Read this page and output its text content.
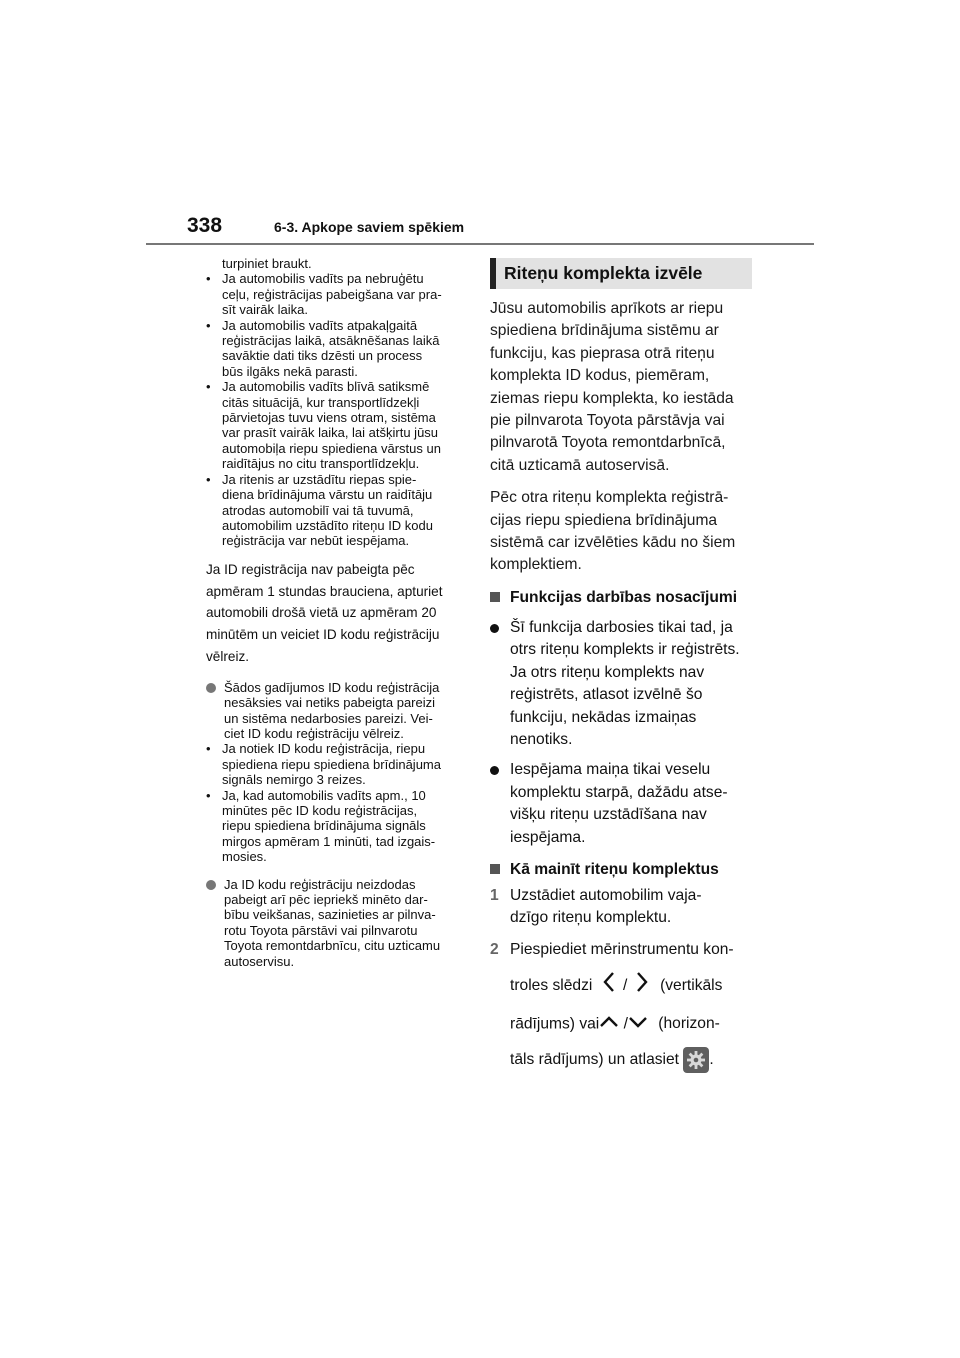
338	6-3. Apkope saviem spēkiem

turpiniet braukt.

• Ja automobilis vadīts pa nebruģētu
ceļu, reģistrācijas pabeigšana var pra-
sīt vairāk laika.
• Ja automobilis vadīts atpakaļgaitā
reģistrācijas laikā, atsāknēšanas laikā
savāktie dati tiks dzēsti un process
būs ilgāks nekā parasti.
• Ja automobilis vadīts blīvā satiksmē
citās situācijā, kur transportlīdzekļi
pārvietojas tuvu viens otram, sistēma
var prasīt vairāk laika, lai atšķirtu jūsu
automobiļa riepu spiediena vārstus un
raidītājus no citu transportlīdzekļu.
• Ja ritenis ar uzstādītu riepas spie-
diena brīdinājuma vārstu un raidītāju
atrodas automobilī vai tā tuvumā,
automobilim uzstādīto riteņu ID kodu
reģistrācija var nebūt iespējama.
Ja ID registrācija nav pabeigta pēc
apmēram 1 stundas brauciena, apturiet
automobili drošā vietā uz apmēram 20
minūtēm un veiciet ID kodu reģistrāciju
vēlreiz.
Šādos gadījumos ID kodu reģistrācija
nesāksies vai netiks pabeigta pareizi
un sistēma nedarbosies pareizi. Vei-
ciet ID kodu reģistrāciju vēlreiz.
• Ja notiek ID kodu reģistrācija, riepu
spiediena riepu spiediena brīdinājuma
signāls nemirgo 3 reizes.
• Ja, kad automobilis vadīts apm., 10
minūtes pēc ID kodu reģistrācijas,
riepu spiediena brīdinājuma signāls
mirgos apmēram 1 minūti, tad izgais-
mosies.
Ja ID kodu reģistrāciju neizdodas
pabeigt arī pēc iepriekš minēto dar-
bību veikšanas, sazinieties ar pilnva-
rotu Toyota pārstāvi vai pilnvarotu
Toyota remontdarbnīcu, citu uzticamu
autoservisu.
Riteņu komplekta izvēle
Jūsu automobilis aprīkots ar riepu
spiediena brīdinājuma sistēmu ar
funkciju, kas pieprasa otrā riteņu
komplekta ID kodus, piemēram,
ziemas riepu komplekta, ko iestāda
pie pilnvarota Toyota pārstāvja vai
pilnvarotā Toyota remontdarbnīcā,
citā uzticamā autoservisā.
Pēc otra riteņu komplekta reģistrā-
cijas riepu spiediena brīdinājuma
sistēmā car izvēlēties kādu no šiem
komplektiem.
Funkcijas darbības nosacījumi
Šī funkcija darbosies tikai tad, ja
otrs riteņu komplekts ir reģistrēts.
Ja otrs riteņu komplekts nav
reģistrēts, atlasot izvēlnē šo
funkciju, nekādas izmaiņas
nenotiks.
Iespējama maiņa tikai veselu
komplektu starpā, dažādu atse-
višķu riteņu uzstādīšana nav
iespējama.
Kā mainīt riteņu komplektus
1 Uzstādiet automobilim vaja-
dzīgo riteņu komplektu.
2 Piespiediet mērinstrumentu kon-
troles slēdzi / (vertikāls
rādījums) vai / (horizon-
tāls rādījums) un atlasiet .
